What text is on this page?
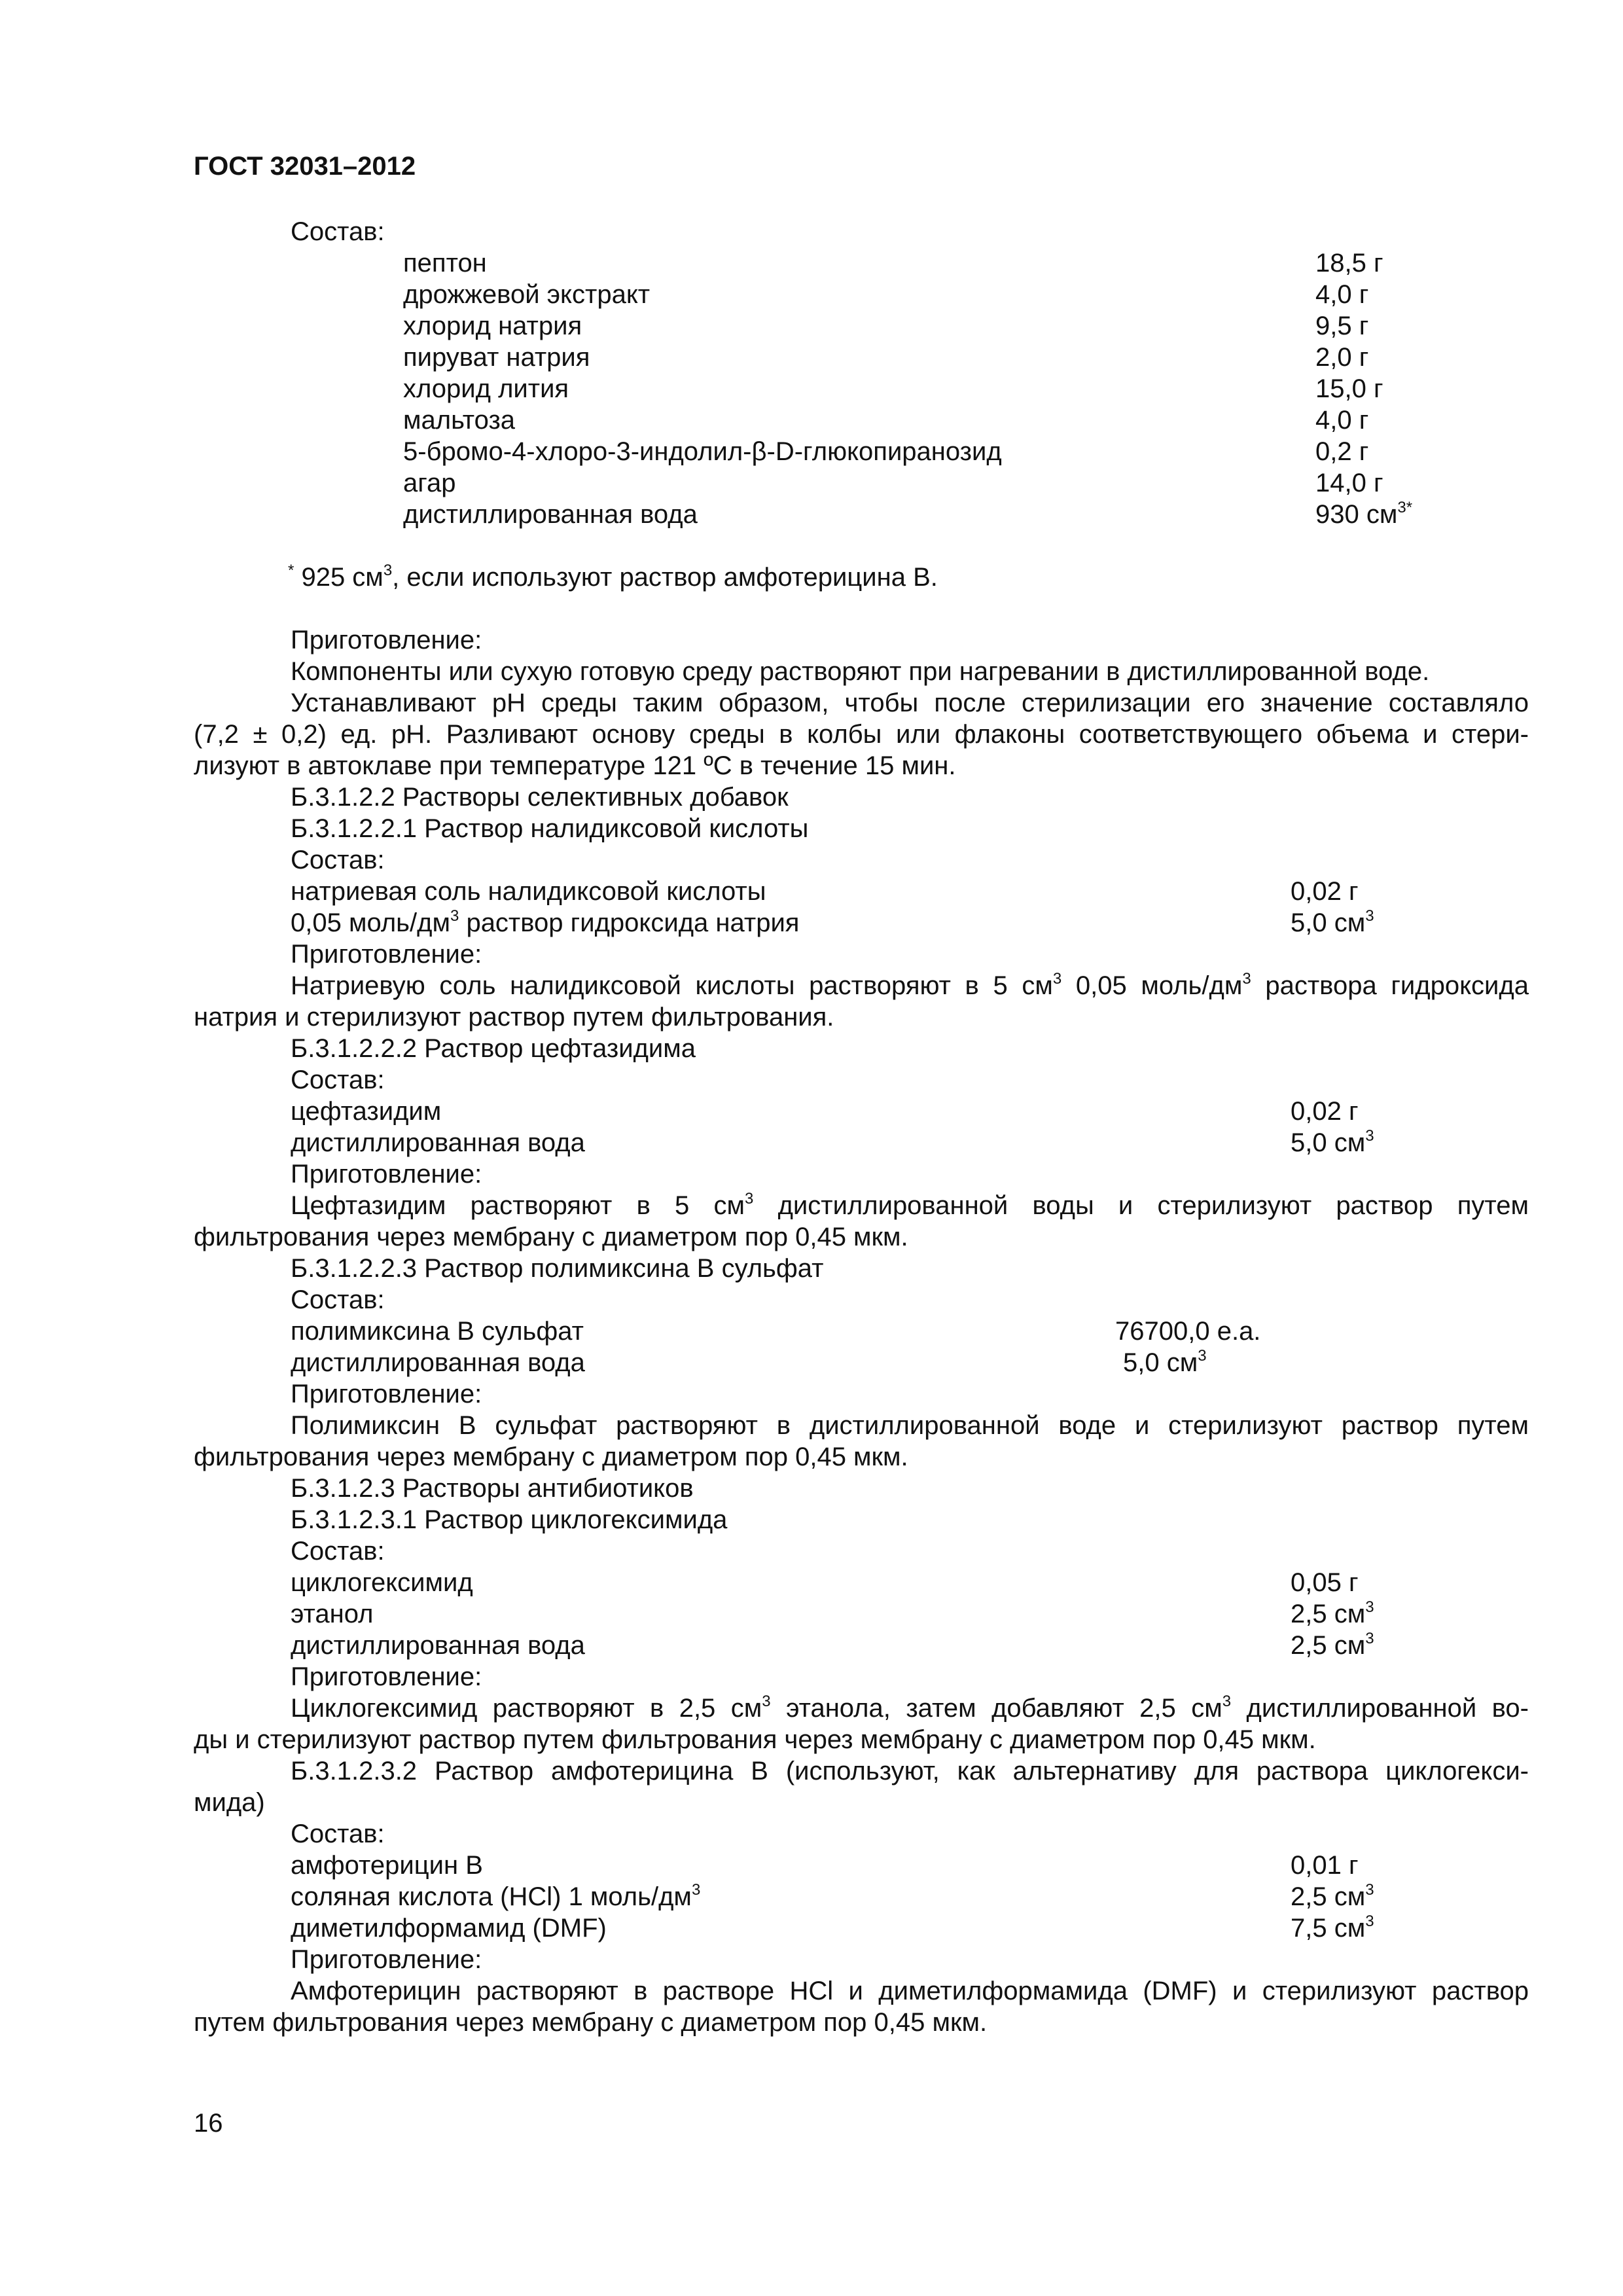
ГОСТ 32031–2012
Состав:
пептон	18,5 г
дрожжевой экстракт	4,0 г
хлорид натрия	9,5 г
пируват натрия	2,0 г
хлорид лития	15,0 г
мальтоза	4,0 г
5-бромо-4-хлоро-3-индолил-β-D-глюкопиранозид	0,2 г
агар	14,0 г
дистиллированная вода	930 $см^{3*}$
* 925 $см^3$, если используют раствор амфотерицина В.
Приготовление:
Компоненты или сухую готовую среду растворяют при нагревании в дистиллированной воде.
Устанавливают рН среды таким образом, чтобы после стерилизации его значение составляло
(7,2 ± 0,2) ед. рН. Разливают основу среды в колбы или флаконы соответствующего объема и стери-
лизуют в автоклаве при температуре 121 ºС в течение 15 мин.
Б.3.1.2.2 Растворы селективных добавок
Б.3.1.2.2.1 Раствор налидиксовой кислоты
Состав:
натриевая соль налидиксовой кислоты	0,02 г
0,05 моль/$дм^3$ раствор гидроксида натрия	5,0 $см^3$
Приготовление:
Натриевую соль налидиксовой кислоты растворяют в 5 $см^3$ 0,05 моль/$дм^3$ раствора гидроксида
натрия и стерилизуют раствор путем фильтрования.
Б.3.1.2.2.2 Раствор цефтазидима
Состав:
цефтазидим	0,02 г
дистиллированная вода	5,0 $см^3$
Приготовление:
Цефтазидим растворяют в 5 $см^3$ дистиллированной воды и стерилизуют раствор путем
фильтрования через мембрану с диаметром пор 0,45 мкм.
Б.3.1.2.2.3 Раствор полимиксина В сульфат
Состав:
полимиксина В сульфат	76700,0 е.а.
дистиллированная вода	5,0 $см^3$
Приготовление:
Полимиксин В сульфат растворяют в дистиллированной воде и стерилизуют раствор путем
фильтрования через мембрану с диаметром пор 0,45 мкм.
Б.3.1.2.3 Растворы антибиотиков
Б.3.1.2.3.1 Раствор циклогексимида
Состав:
циклогексимид	0,05 г
этанол	2,5 $см^3$
дистиллированная вода	2,5 $см^3$
Приготовление:
Циклогексимид растворяют в 2,5 $см^3$ этанола, затем добавляют 2,5 $см^3$ дистиллированной во-
ды и стерилизуют раствор путем фильтрования через мембрану с диаметром пор 0,45 мкм.
Б.3.1.2.3.2 Раствор амфотерицина В (используют, как альтернативу для раствора циклогекси-
мида)
Состав:
амфотерицин В	0,01 г
соляная кислота (HCl) 1 моль/$дм^3$	2,5 $см^3$
диметилформамид (DMF)	7,5 $см^3$
Приготовление:
Амфотерицин растворяют в растворе HCl и диметилформамида (DMF) и стерилизуют раствор
путем фильтрования через мембрану с диаметром пор 0,45 мкм.
16
